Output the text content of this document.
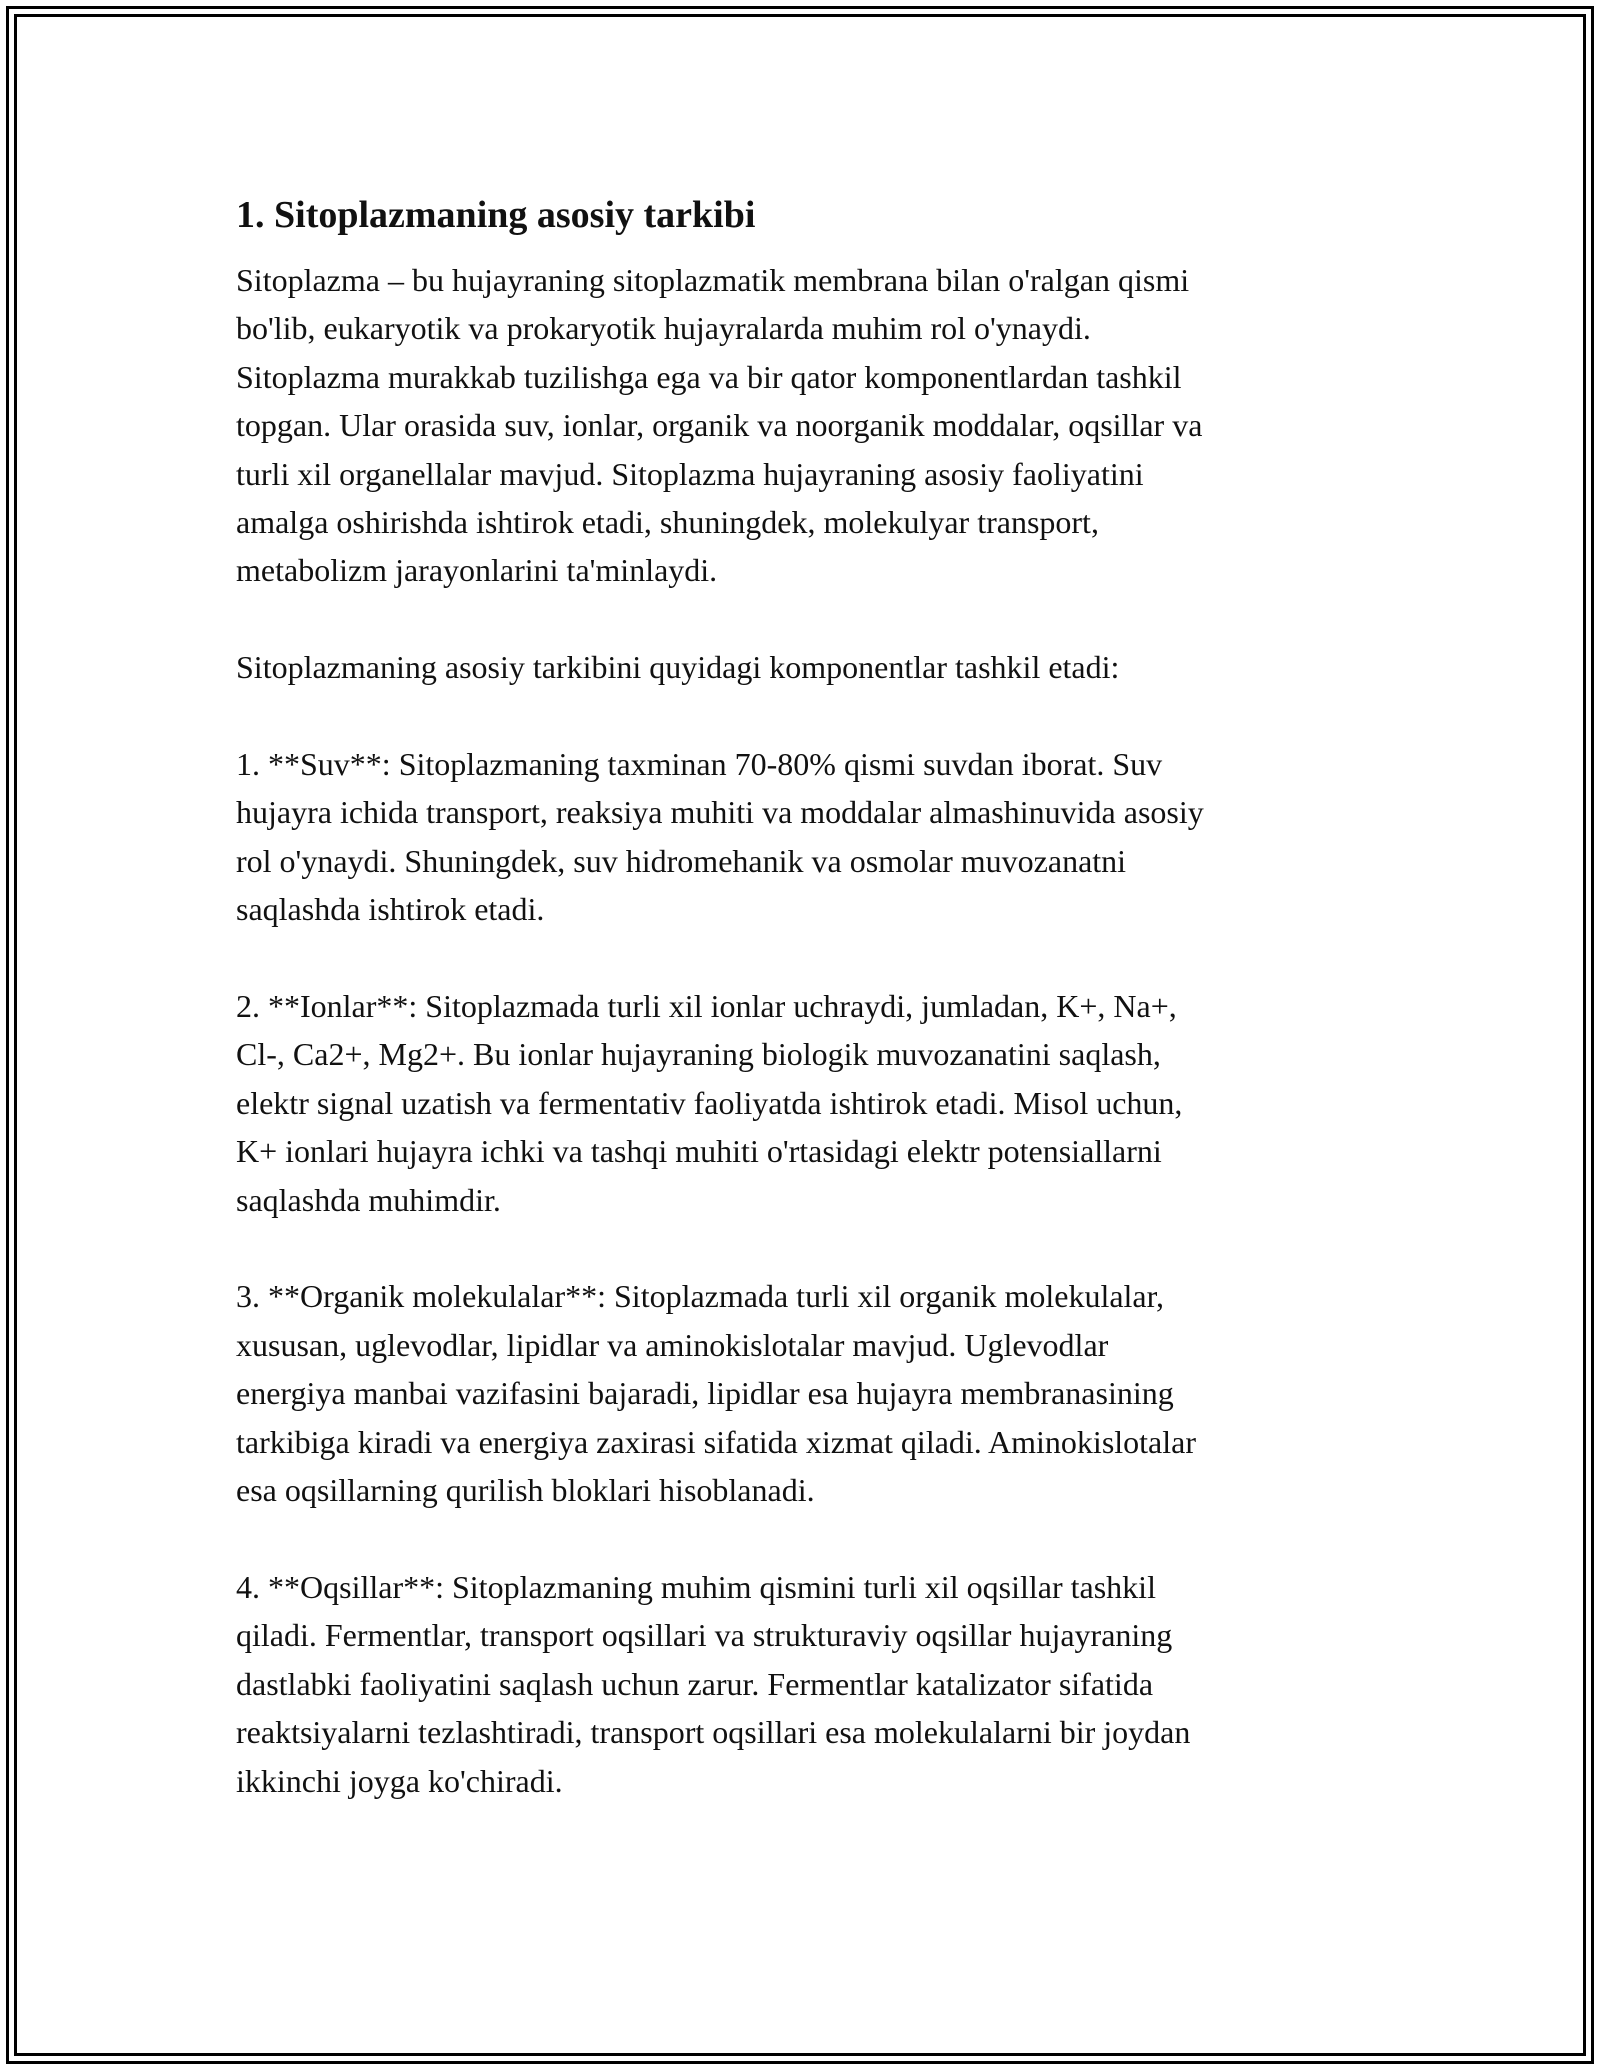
1. Sitoplazmaning asosiy tarkibi

Sitoplazma – bu hujayraning sitoplazmatik membrana bilan o'ralgan qismi
bo'lib, eukaryotik va prokaryotik hujayralarda muhim rol o'ynaydi.
Sitoplazma murakkab tuzilishga ega va bir qator komponentlardan tashkil
topgan. Ular orasida suv, ionlar, organik va noorganik moddalar, oqsillar va
turli xil organellalar mavjud. Sitoplazma hujayraning asosiy faoliyatini
amalga oshirishda ishtirok etadi, shuningdek, molekulyar transport,
metabolizm jarayonlarini ta'minlaydi.

Sitoplazmaning asosiy tarkibini quyidagi komponentlar tashkil etadi:

1. **Suv**: Sitoplazmaning taxminan 70-80% qismi suvdan iborat. Suv
hujayra ichida transport, reaksiya muhiti va moddalar almashinuvida asosiy
rol o'ynaydi. Shuningdek, suv hidromehanik va osmolar muvozanatni
saqlashda ishtirok etadi.

2. **Ionlar**: Sitoplazmada turli xil ionlar uchraydi, jumladan, K+, Na+,
Cl-, Ca2+, Mg2+. Bu ionlar hujayraning biologik muvozanatini saqlash,
elektr signal uzatish va fermentativ faoliyatda ishtirok etadi. Misol uchun,
K+ ionlari hujayra ichki va tashqi muhiti o'rtasidagi elektr potensiallarni
saqlashda muhimdir.

3. **Organik molekulalar**: Sitoplazmada turli xil organik molekulalar,
xususan, uglevodlar, lipidlar va aminokislotalar mavjud. Uglevodlar
energiya manbai vazifasini bajaradi, lipidlar esa hujayra membranasining
tarkibiga kiradi va energiya zaxirasi sifatida xizmat qiladi. Aminokislotalar
esa oqsillarning qurilish bloklari hisoblanadi.

4. **Oqsillar**: Sitoplazmaning muhim qismini turli xil oqsillar tashkil
qiladi. Fermentlar, transport oqsillari va strukturaviy oqsillar hujayraning
dastlabki faoliyatini saqlash uchun zarur. Fermentlar katalizator sifatida
reaktsiyalarni tezlashtiradi, transport oqsillari esa molekulalarni bir joydan
ikkinchi joyga ko'chiradi.
